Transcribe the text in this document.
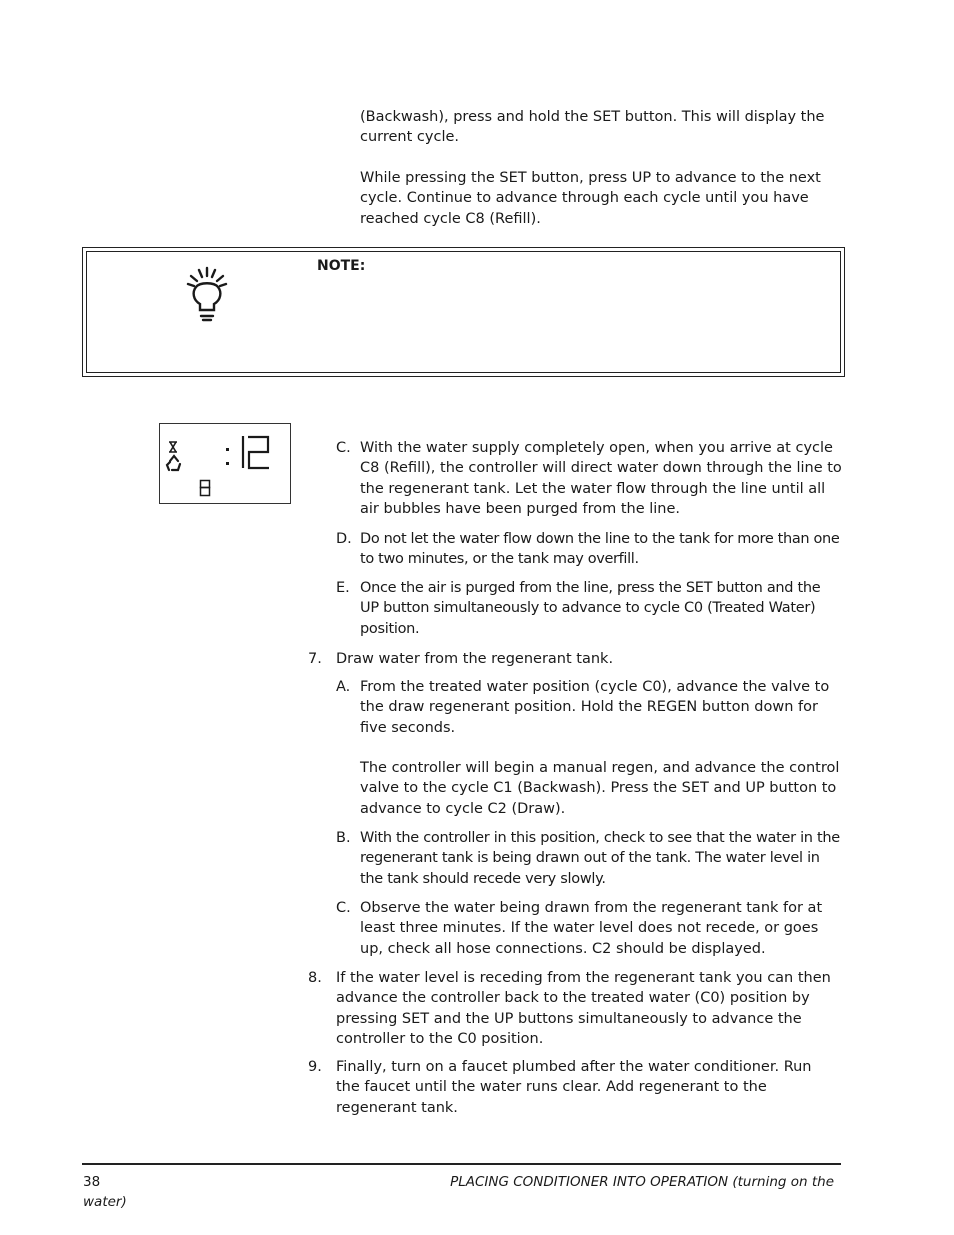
(Backwash), press and hold the SET button. This will display the current cycle.

While pressing the SET button, press UP to advance to the next cycle. Continue to advance through each cycle until you have reached cycle C8 (Refill).

NOTE:
C. With the water supply completely open, when you arrive at cycle C8 (Refill), the controller will direct water down through the line to the regenerant tank. Let the water flow through the line until all air bubbles have been purged from the line.
D. Do not let the water flow down the line to the tank for more than one to two minutes, or the tank may overfill.
E. Once the air is purged from the line, press the SET button and the UP button simultaneously to advance to cycle C0 (Treated Water) position.
7. Draw water from the regenerant tank.
A. From the treated water position (cycle C0), advance the valve to the draw regenerant position. Hold the REGEN button down for five seconds.
The controller will begin a manual regen, and advance the control valve to the cycle C1 (Backwash). Press the SET and UP button to advance to cycle C2 (Draw).
B. With the controller in this position, check to see that the water in the regenerant tank is being drawn out of the tank. The water level in the tank should recede very slowly.
C. Observe the water being drawn from the regenerant tank for at least three minutes. If the water level does not recede, or goes up, check all hose connections. C2 should be displayed.
8. If the water level is receding from the regenerant tank you can then advance the controller back to the treated water (C0) position by pressing SET and the UP buttons simultaneously to advance the controller to the C0 position.
9. Finally, turn on a faucet plumbed after the water conditioner. Run the faucet until the water runs clear. Add regenerant to the regenerant tank.
38	PLACING CONDITIONER INTO OPERATION (turning on the
water)
